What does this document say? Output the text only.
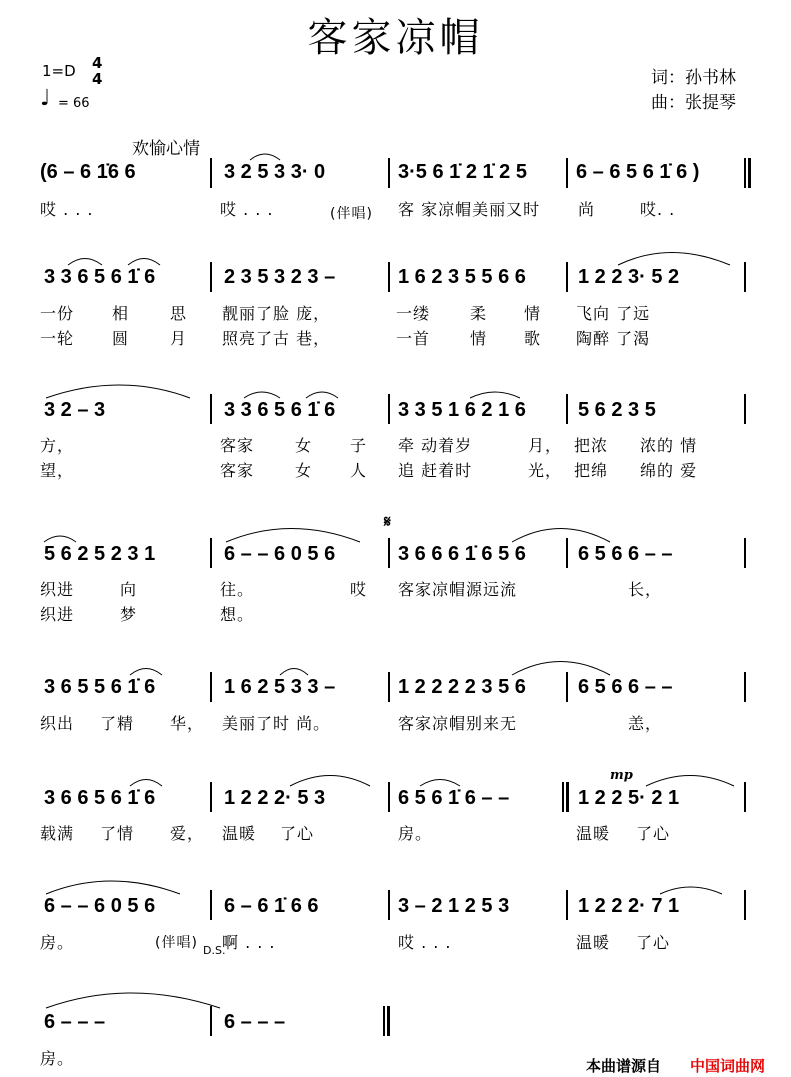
客家凉帽
1=D 4
4
♩ = 66
词：孙书林
曲：张提琴
欢愉心情
(6 – 6 1̇6 6	3 2 5 3 3· 0	3·5 6 1̇ 2 1̇ 2 5 6 – 6 5 6 1̇ 6 )
哎 . . .	哎 . . .	(伴唱) 客 家凉帽美丽又时 尚	哎. .
3 3 6 5 6 1̇ 6	2 3 5 3 2 3 –	1 6 2 3 5 5 6 6	1 2 2 3· 5 2
一份 相	思 靓丽了脸 庞，	一缕 柔 情 飞向 了远
一轮 圆	月 照亮了古 巷，	一首 情 歌 陶醉 了渴
3 2 – 3	3 3 6 5 6 1̇ 6	3 3 5 1 6 2 1 6	5 6 2 3 5
方，	客家	女 子 牵 动着岁	月， 把浓 浓的 情
望，	客家	女 人 追 赶着时	光， 把绵 绵的 爱
𝄋
5 6 2 5 2 3 1	6 – – 6 0 5 6	3 6 6 6 1̇ 6 5 6	6 5 6 6 – –
织进	向	往。	哎 客家凉帽源远流	长，
织进	梦	想。
3 6 5 5 6 1̇ 6	1 6 2 5 3 3 –	1 2 2 2 2 3 5 6	6 5 6 6 – –
织出 了精 华， 美丽了时 尚。	客家凉帽别来无	恙，
mp
3 6 6 5 6 1̇ 6	1 2 2 2· 5 3	6 5 6 1̇ 6 – –	1 2 2 5· 2 1
载满 了情 爱， 温暖 了心	房。	温暖 了心
6 – – 6 0 5 6	6 – 6 1̇ 6 6	3 – 2 1 2 5 3	1 2 2 2· 7 1
房。	(伴唱) D.S.
啊 . . .	哎 . . .	温暖 了心
6 – – –	6 – – –
房。	本曲谱源自 中国词曲网
